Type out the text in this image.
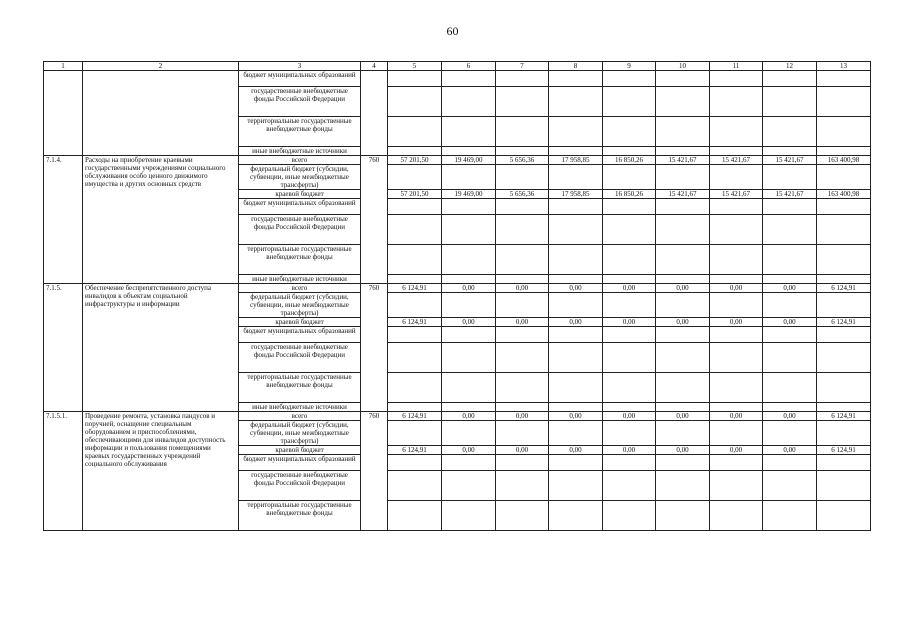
60
1	2	3	4	5	6	7	8	9	10	11	12	13
		бюджет муниципальных образований										
		государственные внебюджетные фонды Российской Федерации										
		территориальные государственные внебюджетные фонды										
		иные внебюджетные источники										
7.1.4.	Расходы на приобретение краевыми государственными учреждениями социального обслуживания особо ценного движимого имущества и других основных средств	всего	760	57 201,50	19 469,00	5 656,36	17 958,85	16 850,26	15 421,67	15 421,67	15 421,67	163 400,98
		федеральный бюджет (субсидии, субвенции, иные межбюджетные трансферты)										
		краевой бюджет		57 201,50	19 469,00	5 656,36	17 958,85	16 850,26	15 421,67	15 421,67	15 421,67	163 400,98
		бюджет муниципальных образований										
		государственные внебюджетные фонды Российской Федерации										
		территориальные государственные внебюджетные фонды										
		иные внебюджетные источники										
7.1.5.	Обеспечение беспрепятственного доступа инвалидов к объектам социальной инфраструктуры и информации	всего	760	6 124,91	0,00	0,00	0,00	0,00	0,00	0,00	0,00	6 124,91
		федеральный бюджет (субсидии, субвенции, иные межбюджетные трансферты)										
		краевой бюджет		6 124,91	0,00	0,00	0,00	0,00	0,00	0,00	0,00	6 124,91
		бюджет муниципальных образований										
		государственные внебюджетные фонды Российской Федерации										
		территориальные государственные внебюджетные фонды										
		иные внебюджетные источники										
7.1.5.1.	Проведение ремонта, установка пандусов и поручней, оснащение специальным оборудованием и приспособлениями, обеспечивающими для инвалидов доступность информации и пользования помещениями краевых государственных учреждений социального обслуживания	всего	760	6 124,91	0,00	0,00	0,00	0,00	0,00	0,00	0,00	6 124,91
		федеральный бюджет (субсидии, субвенции, иные межбюджетные трансферты)										
		краевой бюджет		6 124,91	0,00	0,00	0,00	0,00	0,00	0,00	0,00	6 124,91
		бюджет муниципальных образований										
		государственные внебюджетные фонды Российской Федерации										
		территориальные государственные внебюджетные фонды										
